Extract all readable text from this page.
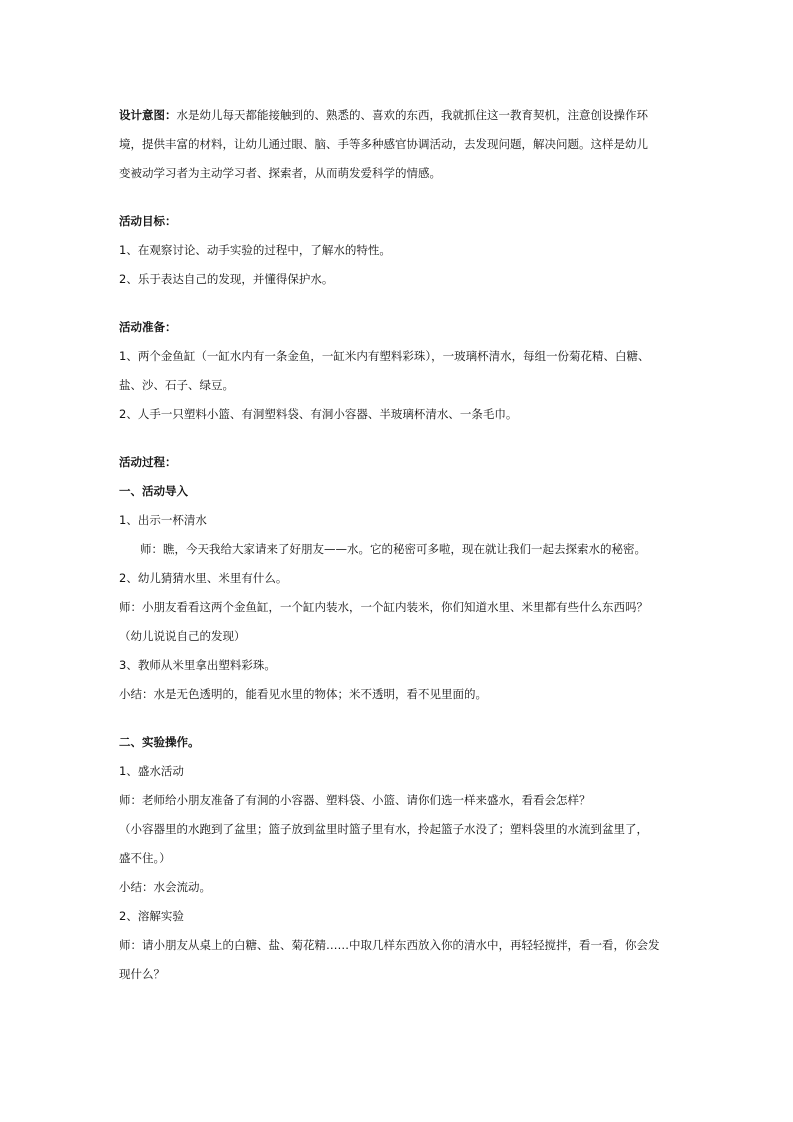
设计意图：水是幼儿每天都能接触到的、熟悉的、喜欢的东西，我就抓住这一教育契机，注意创设操作环
境，提供丰富的材料，让幼儿通过眼、脑、手等多种感官协调活动，去发现问题，解决问题。这样是幼儿
变被动学习者为主动学习者、探索者，从而萌发爱科学的情感。
活动目标：
1、在观察讨论、动手实验的过程中，了解水的特性。
2、乐于表达自己的发现，并懂得保护水。
活动准备：
1、两个金鱼缸（一缸水内有一条金鱼，一缸米内有塑料彩珠），一玻璃杯清水，每组一份菊花精、白糖、
盐、沙、石子、绿豆。
2、人手一只塑料小篮、有洞塑料袋、有洞小容器、半玻璃杯清水、一条毛巾。
活动过程：
一、活动导入
1、出示一杯清水
师：瞧，今天我给大家请来了好朋友——水。它的秘密可多啦，现在就让我们一起去探索水的秘密。
2、幼儿猜猜水里、米里有什么。
师：小朋友看看这两个金鱼缸，一个缸内装水，一个缸内装米，你们知道水里、米里都有些什么东西吗？
（幼儿说说自己的发现）
3、教师从米里拿出塑料彩珠。
小结：水是无色透明的，能看见水里的物体；米不透明，看不见里面的。
二、实验操作。
1、盛水活动
师：老师给小朋友准备了有洞的小容器、塑料袋、小篮、请你们选一样来盛水，看看会怎样？
（小容器里的水跑到了盆里；篮子放到盆里时篮子里有水，拎起篮子水没了；塑料袋里的水流到盆里了，
盛不住。）
小结：水会流动。
2、溶解实验
师：请小朋友从桌上的白糖、盐、菊花精……中取几样东西放入你的清水中，再轻轻搅拌，看一看，你会发
现什么？
